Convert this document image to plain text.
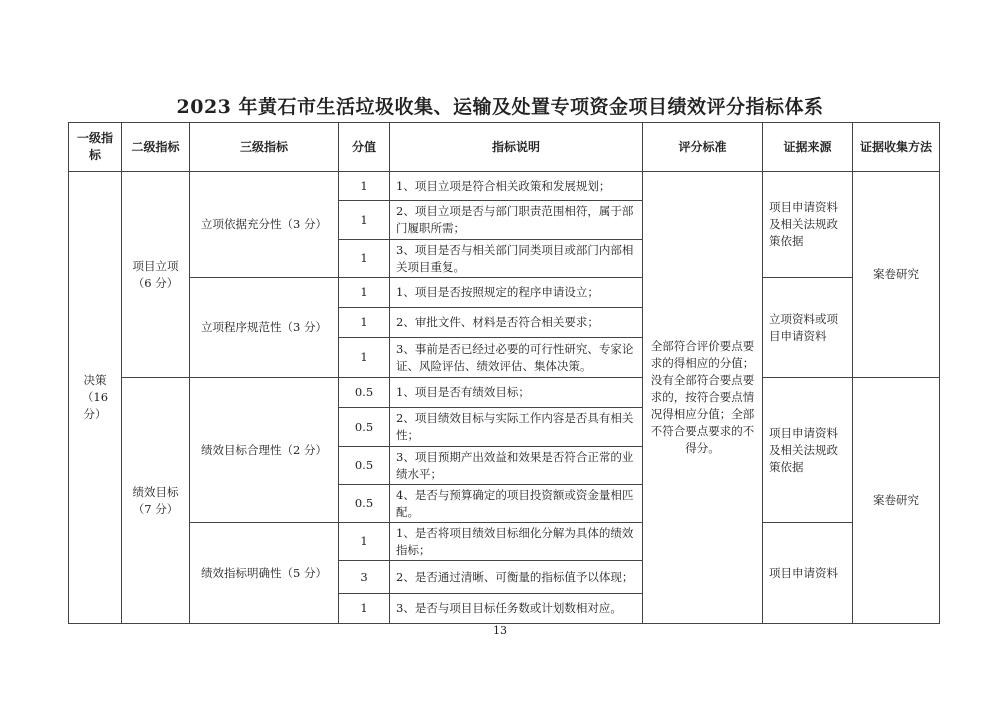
2023 年黄石市生活垃圾收集、运输及处置专项资金项目绩效评分指标体系
一级指标	二级指标	三级指标	分值	指标说明	评分标准	证据来源	证据收集方法
决策（16 分）	项目立项（6 分）	立项依据充分性（3 分）	1	1、项目立项是符合相关政策和发展规划；	全部符合评价要点要求的得相应的分值；没有全部符合要点要求的，按符合要点情况得相应分值；全部不符合要点要求的不得分。	项目申请资料及相关法规政策依据	案卷研究
			1	2、项目立项是否与部门职责范围相符，属于部门履职所需；			
			1	3、项目是否与相关部门同类项目或部门内部相关项目重复。			
		立项程序规范性（3 分）	1	1、项目是否按照规定的程序申请设立；		立项资料或项目申请资料	
			1	2、审批文件、材料是否符合相关要求；			
			1	3、事前是否已经过必要的可行性研究、专家论证、风险评估、绩效评估、集体决策。			
	绩效目标（7 分）	绩效目标合理性（2 分）	0.5	1、项目是否有绩效目标；		项目申请资料及相关法规政策依据	案卷研究
			0.5	2、项目绩效目标与实际工作内容是否具有相关性；			
			0.5	3、项目预期产出效益和效果是否符合正常的业绩水平；			
			0.5	4、是否与预算确定的项目投资额或资金量相匹配。			
		绩效指标明确性（5 分）	1	1、是否将项目绩效目标细化分解为具体的绩效指标；		项目申请资料	
			3	2、是否通过清晰、可衡量的指标值予以体现；			
			1	3、是否与项目目标任务数或计划数相对应。			
13
